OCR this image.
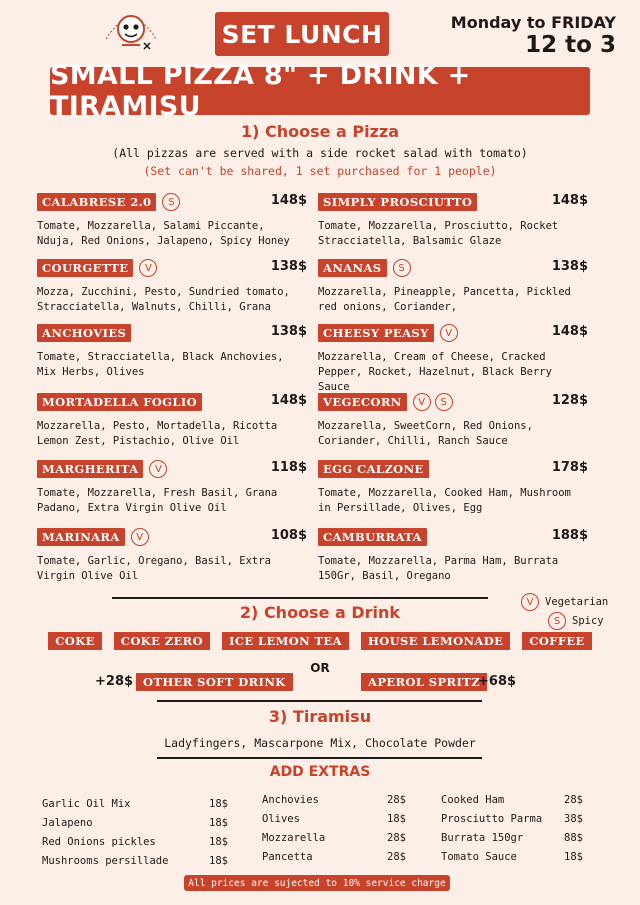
SET LUNCH	Monday to FRIDAY
12 to 3
SMALL PIZZA 8" + DRINK + TIRAMISU
1) Choose a Pizza
(All pizzas are served with a side rocket salad with tomato)
(Set can't be shared, 1 set purchased for 1 people)
CALABRESE 2.0	S	148$
Tomate, Mozzarella, Salami Piccante, Nduja, Red Onions, Jalapeno, Spicy Honey
COURGETTE	V	138$
Mozza, Zucchini, Pesto, Sundried tomato, Stracciatella, Walnuts, Chilli, Grana
ANCHOVIES	138$
Tomate, Stracciatella, Black Anchovies, Mix Herbs, Olives
MORTADELLA FOGLIO	148$
Mozzarella, Pesto, Mortadella, Ricotta Lemon Zest, Pistachio, Olive Oil
MARGHERITA	V	118$
Tomate, Mozzarella, Fresh Basil, Grana Padano, Extra Virgin Olive Oil
MARINARA	V	108$
Tomate, Garlic, Oregano, Basil, Extra Virgin Olive Oil
SIMPLY PROSCIUTTO	148$
Tomate, Mozzarella, Prosciutto, Rocket Stracciatella, Balsamic Glaze
ANANAS	S	138$
Mozzarella, Pineapple, Pancetta, Pickled red onions, Coriander,
CHEESY PEASY	V	148$
Mozzarella, Cream of Cheese, Cracked Pepper, Rocket, Hazelnut, Black Berry Sauce
VEGECORN	V	S	128$
Mozzarella, SweetCorn, Red Onions, Coriander, Chilli, Ranch Sauce
EGG CALZONE	178$
Tomate, Mozzarella, Cooked Ham, Mushroom in Persillade, Olives, Egg
CAMBURRATA	188$
Tomate, Mozzarella, Parma Ham, Burrata 150Gr, Basil, Oregano
V	Vegetarian
S	Spicy
2) Choose a Drink
COKE	COKE ZERO	ICE LEMON TEA	HOUSE LEMONADE	COFFEE
OR
+28$ OTHER SOFT DRINK	APEROL SPRITZ
+68$
3) Tiramisu
Ladyfingers, Mascarpone Mix, Chocolate Powder
ADD EXTRAS
Garlic Oil Mix	18$
Jalapeno	18$
Red Onions pickles	18$
Mushrooms persillade	18$
Anchovies	28$
Olives	18$
Mozzarella	28$
Pancetta	28$
Cooked Ham	28$
Prosciutto Parma 38$
Burrata 150gr	88$
Tomato Sauce	18$
All prices are sujected to 10% service charge
